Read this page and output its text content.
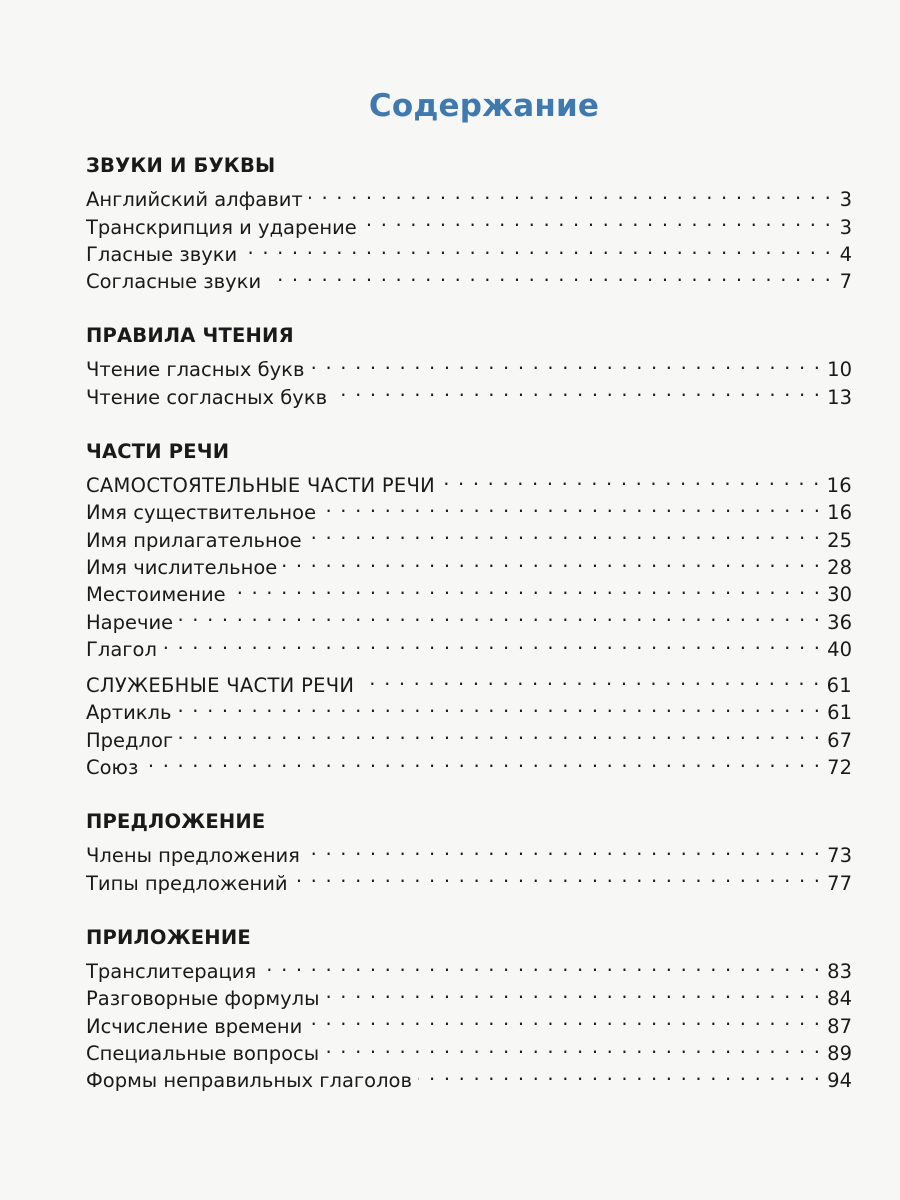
Содержание
ЗВУКИ И БУКВЫ
Английский алфавит . . .	3
Транскрипция и ударение . . .	3
Гласные звуки . . .	4
Согласные звуки . . .	7
ПРАВИЛА ЧТЕНИЯ
Чтение гласных букв . . .	10
Чтение согласных букв . . .	13
ЧАСТИ РЕЧИ
САМОСТОЯТЕЛЬНЫЕ ЧАСТИ РЕЧИ . . .	16
Имя существительное . . .	16
Имя прилагательное . . .	25
Имя числительное . . .	28
Местоимение . . .	30
Наречие . . .	36
Глагол . . .	40
СЛУЖЕБНЫЕ ЧАСТИ РЕЧИ . . .	61
Артикль . . .	61
Предлог . . .	67
Союз . . .	72
ПРЕДЛОЖЕНИЕ
Члены предложения . . .	73
Типы предложений . . .	77
ПРИЛОЖЕНИЕ
Транслитерация . . .	83
Разговорные формулы . . .	84
Исчисление времени . . .	87
Специальные вопросы . . .	89
Формы неправильных глаголов . . .	94
